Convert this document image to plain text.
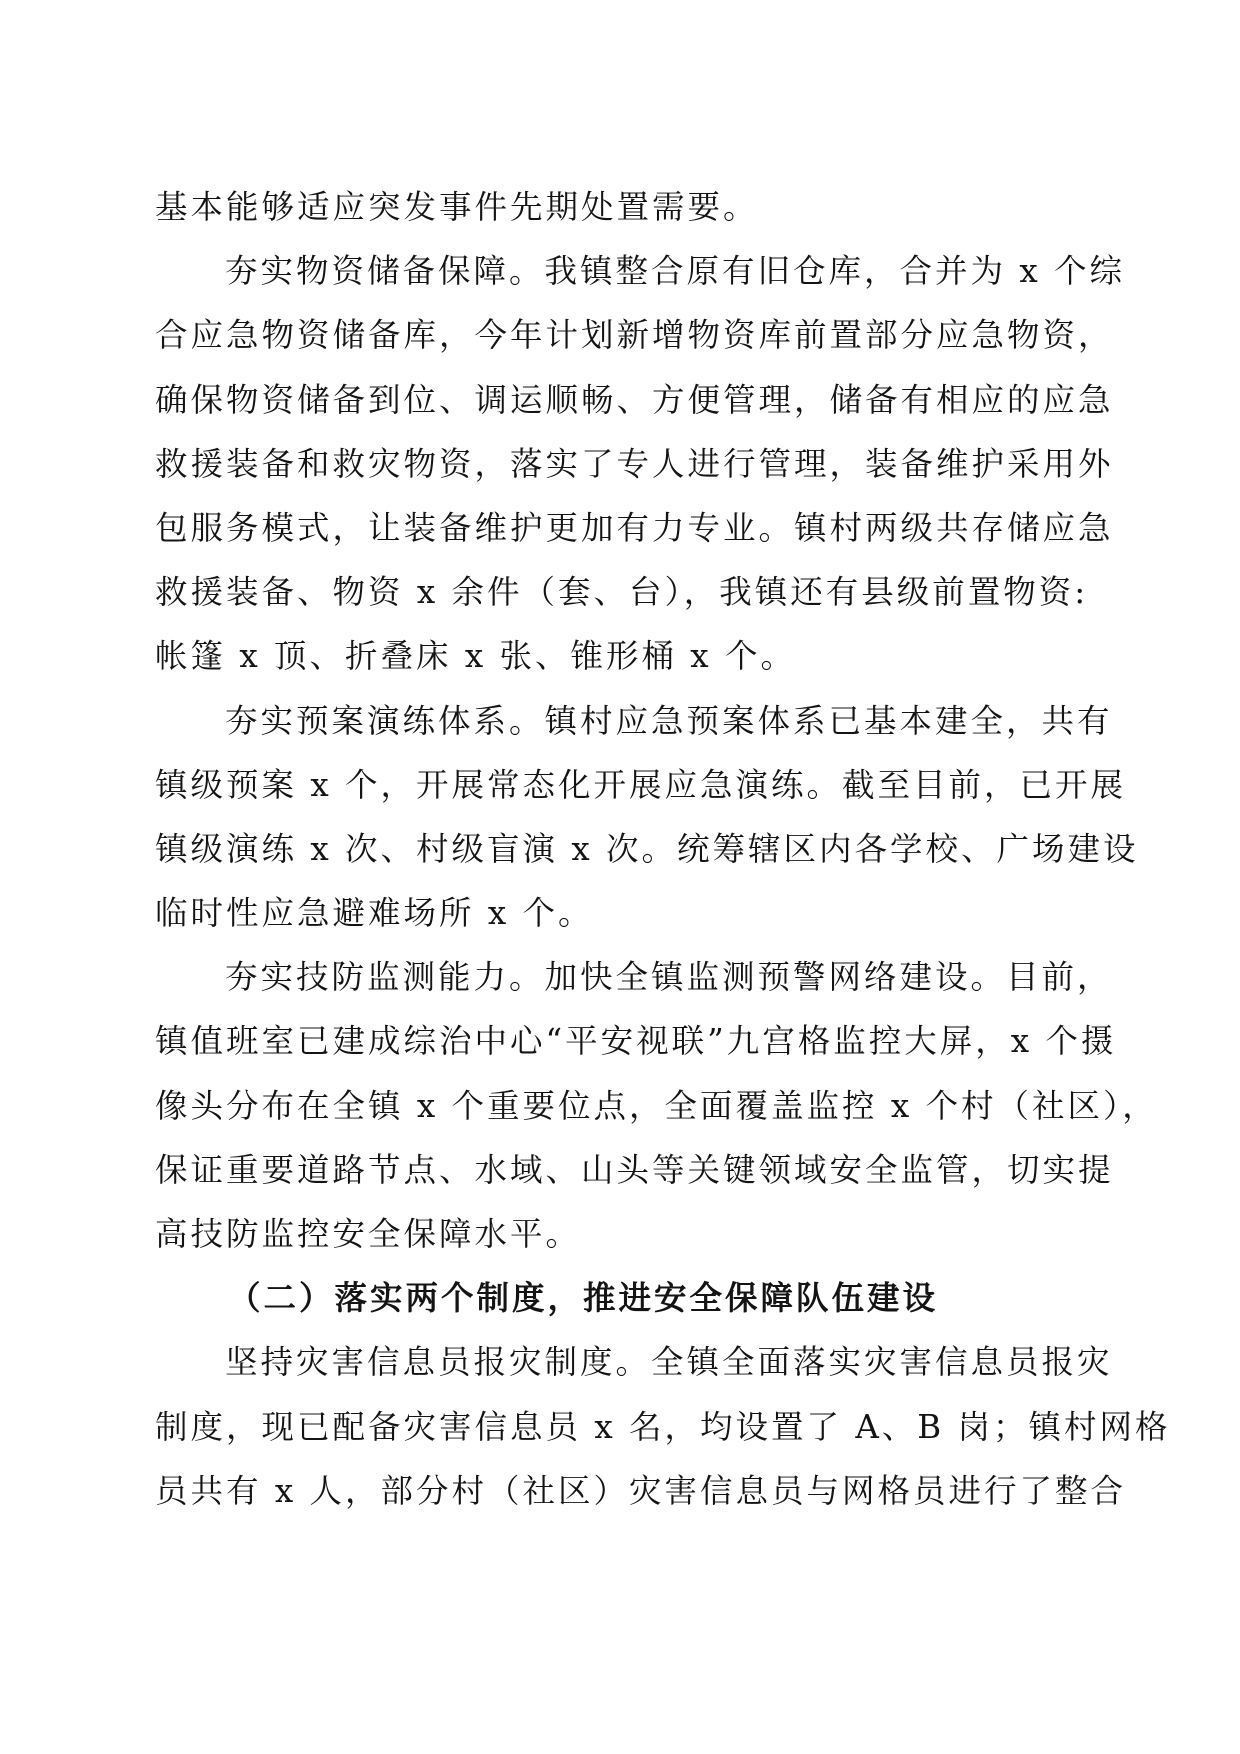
基本能够适应突发事件先期处置需要。
夯实物资储备保障。我镇整合原有旧仓库，合并为 x 个综
合应急物资储备库，今年计划新增物资库前置部分应急物资，
确保物资储备到位、调运顺畅、方便管理，储备有相应的应急
救援装备和救灾物资，落实了专人进行管理，装备维护采用外
包服务模式，让装备维护更加有力专业。镇村两级共存储应急
救援装备、物资 x 余件（套、台），我镇还有县级前置物资:
帐篷 x 顶、折叠床 x 张、锥形桶 x 个。
夯实预案演练体系。镇村应急预案体系已基本建全，共有
镇级预案 x 个，开展常态化开展应急演练。截至目前，已开展
镇级演练 x 次、村级盲演 x 次。统筹辖区内各学校、广场建设
临时性应急避难场所 x 个。
夯实技防监测能力。加快全镇监测预警网络建设。目前，
镇值班室已建成综治中心“平安视联”九宫格监控大屏，x 个摄
像头分布在全镇 x 个重要位点，全面覆盖监控 x 个村（社区），
保证重要道路节点、水域、山头等关键领域安全监管，切实提
高技防监控安全保障水平。
（二）落实两个制度，推进安全保障队伍建设
坚持灾害信息员报灾制度。全镇全面落实灾害信息员报灾
制度，现已配备灾害信息员 x 名，均设置了 A、B 岗；镇村网格
员共有 x 人，部分村（社区）灾害信息员与网格员进行了整合
